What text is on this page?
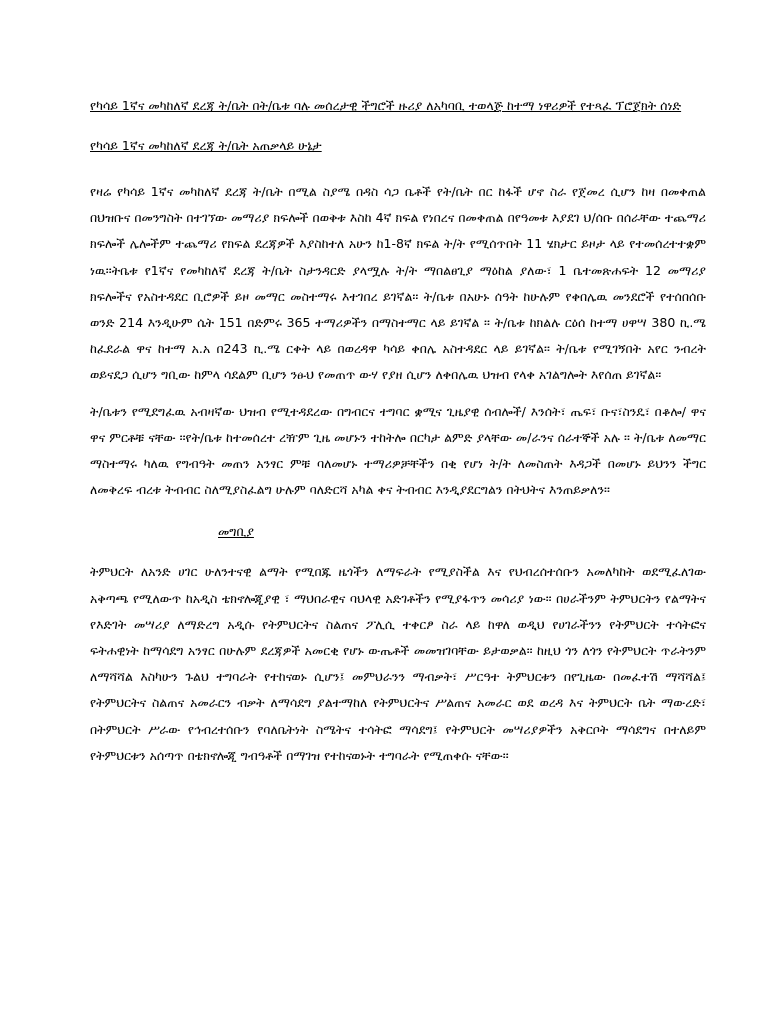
የካሳይ 1ኛና መካከለኛ ደረጃ ት/ቤት በት/ቤቱ ባሉ መሰረታዊ ችግሮች ዙሪያ ለአካባቢ ተወላጅ ከተማ ነዋሪዎች የተጻፈ ፕሮጀክት ሰነድ

የካሳይ 1ኛና መካከለኛ ደረጃ ት/ቤት አጠቃላይ ሁኔታ

የዛሬ የካሳይ 1ኛና መካከለኛ ደረጃ ት/ቤት በሚል ስያሜ በዳስ ሳጋ ቤቶች የት/ቤት በር ከፋች ሆኖ ስራ የጀመረ ሲሆን ከዛ በመቀጠል በህዝቡና በመንግስት በተገኘው መማሪያ ክፍሎች በወቅቱ እስከ 4ኛ ክፍል የነበረና በመቀጠል በየዓመቱ እያደገ ህ/ሰቡ በሰራቸው ተጨማሪ ክፍሎች ሌሎችም ተጨማሪ የክፍል ደረጃዎች እያስከተለ አሁን ከ1-8ኛ ክፍል ት/ት የሚሰጥበት 11 ሄክታር ይዞታ ላይ የተመሰረተተቋም ነዉ፡፡ትቤቱ የ1ኛና የመካከለኛ ደረጃ ት/ቤት ስታንዳርድ ያላሟሉ ት/ት ማበልፀጊያ ማዕከል ያለው፣ 1 ቤተመጽሐፍት 12 መማሪያ ክፍሎችና የአስተዳደር ቢሮዎች ይዞ መማር መስተማሩ እተገበረ ይገኛል፡፡ ት/ቤቱ በአሁኑ ሰዓት ከሁሉም የቀበሌዉ መንደሮች የተሰበሰቡ ወንድ 214 እንዲሁም ሴት 151 በድምሩ 365 ተማሪዎችን በማስተማር ላይ ይገኛል ፡፡ ት/ቤቱ ከክልሉ ርዕሰ ከተማ ሀዋሣ 380 ኪ.ሜ ከፈደራል ዋና ከተማ አ.አ በ243 ኪ.ሜ ርቀት ላይ በወረዳዋ ካሳይ ቀበሌ አስተዳደር ላይ ይገኛል፡፡ ት/ቤቱ የሚገኝበት አየር ንብረት ወይናደጋ ሲሆን ግቢው ከምላ ሳደልም ቢሆን ንፁህ የመጠጥ ውሃ የያዘ ሲሆን ለቀበሌዉ ህዝብ የላቀ አገልግሎት እየሰጠ ይገኛል፡፡

ት/ቤቱን የሚደግፈዉ አብዛኛው ህዝብ የሚተዳደረው በግብርና ተግባር ቋሚና ጊዜያዊ ሰብሎች/ እንሰት፣ ጤፍ፣ ቡና፣ስንዴ፣ በቆሎ/ ዋና ዋና ምርቶቹ ናቸው ፡፡የት/ቤቱ ከተመሰረተ ረዥም ጊዜ መሆኑን ተከትሎ በርካታ ልምድ ያላቸው መ/ራንና ሰራተኞች አሉ ፡፡ ት/ቤቱ ለመማር ማስተማሩ ካለዉ የግብዓት መጠን አንፃር ምቹ ባለመሆኑ ተማሪዎቻቸችን በቂ የሆነ ት/ት ለመስጠት እዳጋች በመሆኑ ይህንን ችግር ለመቅረፍ ብረቱ ትብብር ስለሚያስፈልግ ሁሉም ባለድርሻ አካል ቀና ትብብር እንዲያደርግልን በትህትና እንጠይቃለን፡፡

መግቢያ

ትምህርት ለአንድ ሀገር ሁለንተናዊ ልማት የሚበጁ ዜጎችን ለማፍራት የሚያስችል እና የህብረሰተሰቡን አመለካከት ወደሚፈለገው አቅጣጫ የሚለውጥ ከአዲስ ቴክኖሎጂያዊ ፣ ማህበራዊና ባህላዊ አድገቶችን የሚያፋጥን መሳሪያ ነው፡፡ በሀራችንም ትምህርትን የልማትና የእድገት መሣሪያ ለማድረግ አዲሱ የትምህርትና ስልጠና ፖሊሲ ተቀርፆ ስራ ላይ ከዋለ ወዲህ የሀገራችንን የትምህርት ተሳትፎና ፍትሐዊነት ከማሳደግ አንፃር በሁሉም ደረጃዎች አመርቂ የሆኑ ውጤቶች መመዝገባቸው ይታወቃል፡፡ ከዚህ ጎን ለጎን የትምህርት ጥራትንም ለማሻሻል እስካሁን ጉልህ ተግባራት የተከናወኑ ሲሆን፤ መምህራንን ማብቃት፣ ሥርዓተ ትምህርቱን በየጊዜው በመፈተሽ ማሻሻል፤ የትምህርትና ስልጠና አመራርን ብቃት ለማሳደግ ያልተማከለ የትምህርትና ሥልጠና አመራር ወደ ወረዳ እና ትምህርት ቤት ማውረድ፣ በትምህርት ሥራው የኅብረተሰቡን የባለቤትነት ስሜትና ተሳትፎ ማሳደግ፤ የትምህርት መሣሪያዎችን አቅርቦት ማሳደግና በተለይም የትምህርቱን አሰጣጥ በቴክኖሎጂ ግብዓቶች በማገዝ የተከናወኑት ተግባራት የሚጠቀሱ ናቸው፡፡
